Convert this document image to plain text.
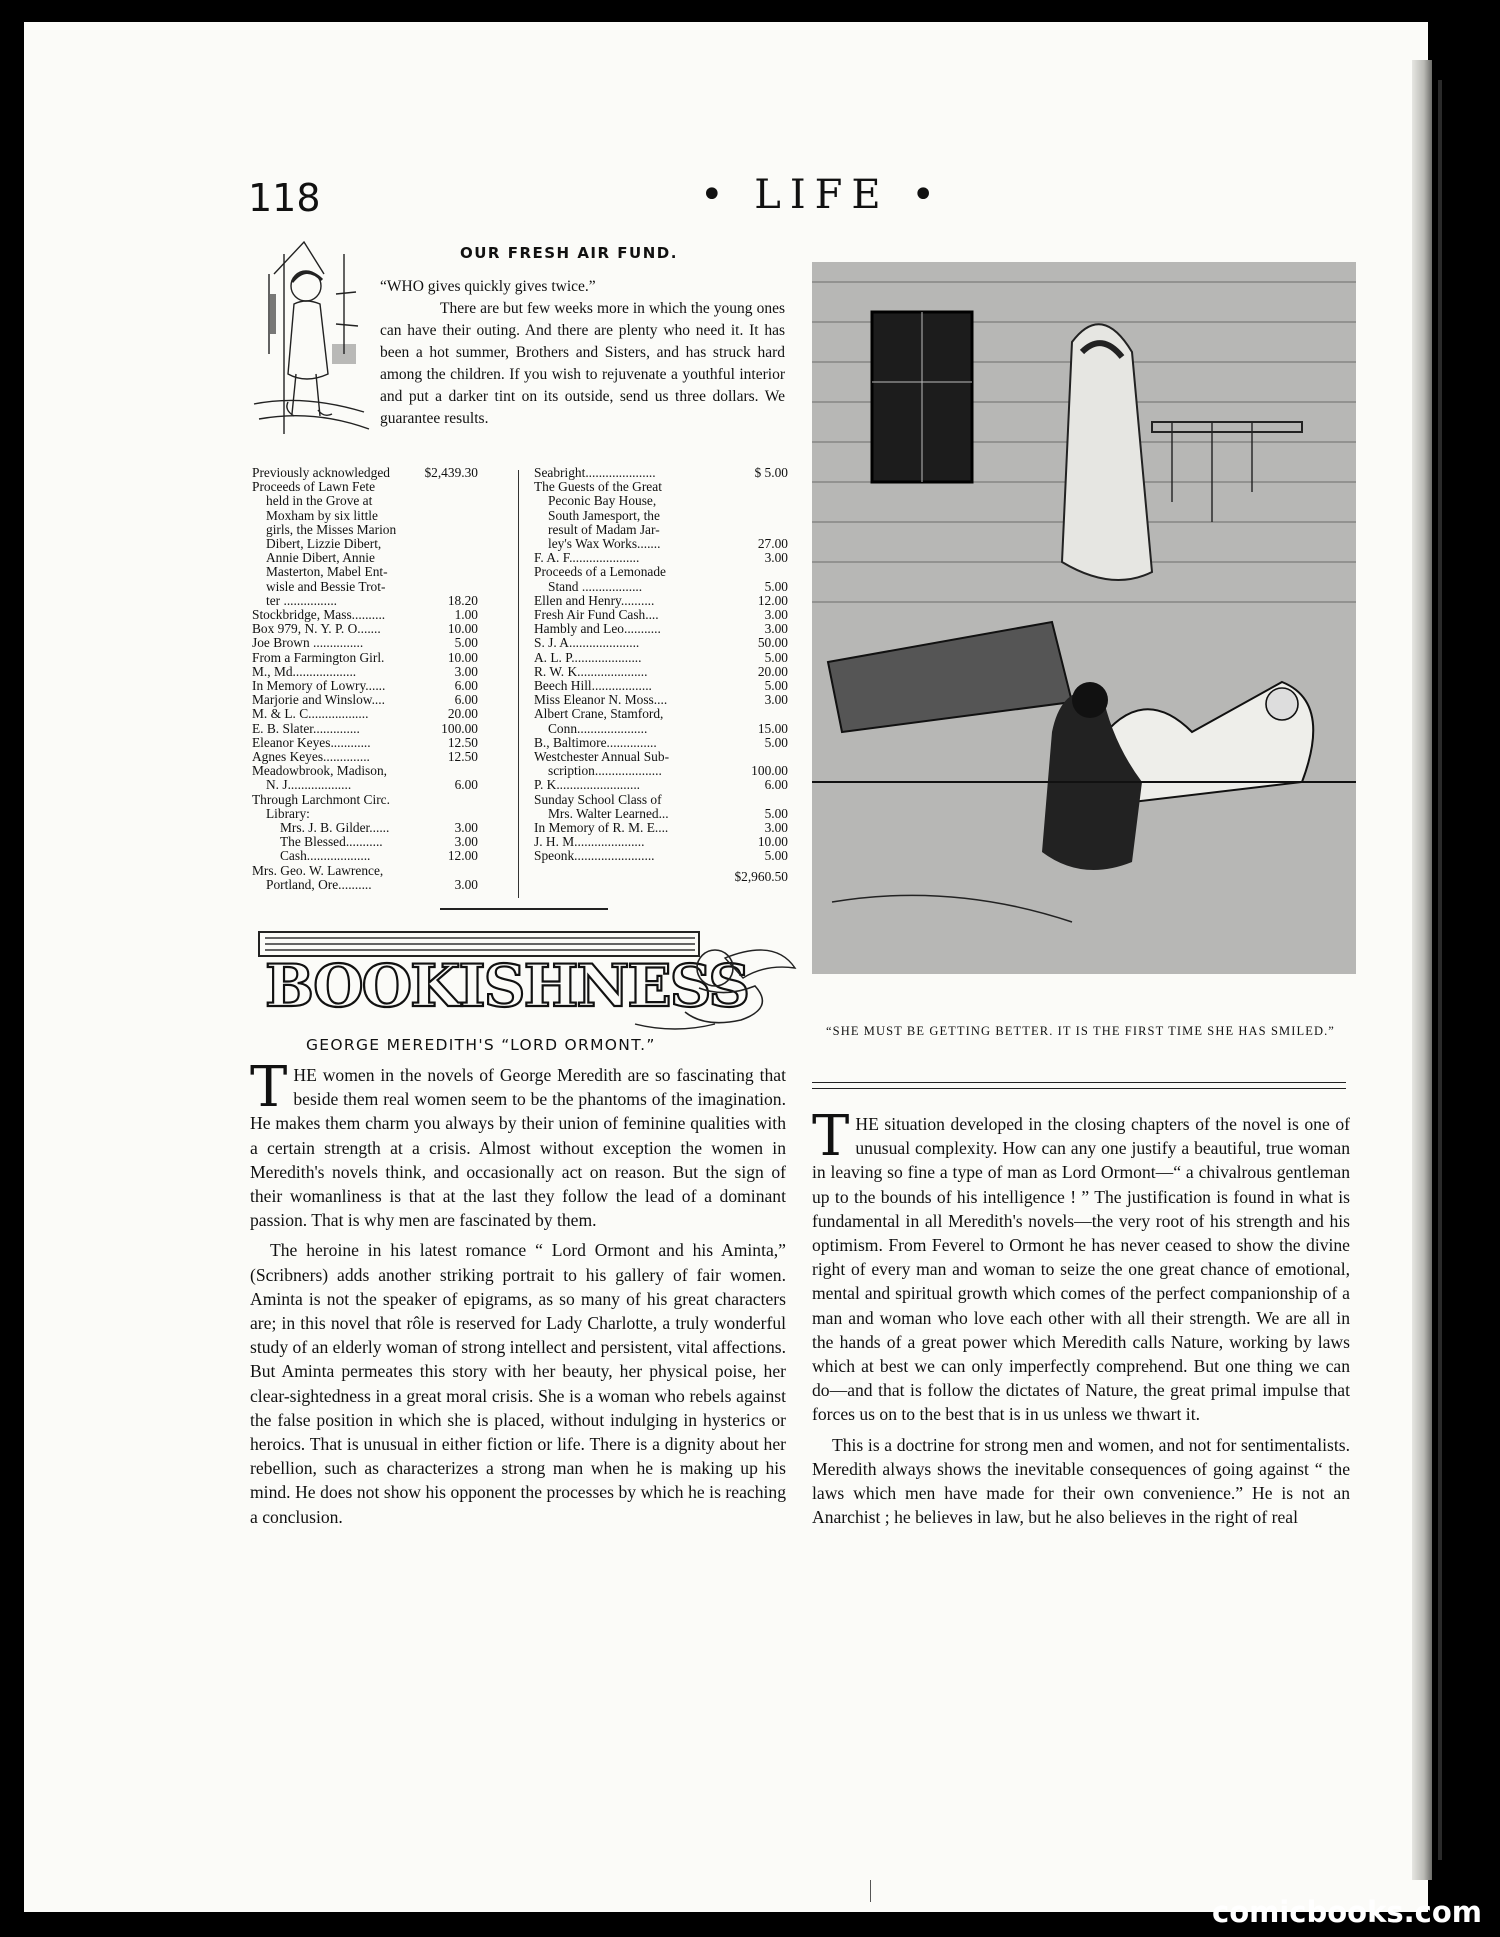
118	• LIFE •
OUR FRESH AIR FUND.
“WHO gives quickly gives twice.”

There are but few weeks more in which the young ones can have their outing. And there are plenty who need it. It has been a hot summer, Brothers and Sisters, and has struck hard among the children. If you wish to rejuvenate a youthful interior and put a darker tint on its outside, send us three dollars. We guarantee results.

Previously acknowledged	$2,439.30
Proceeds of Lawn Fete
held in the Grove at
Moxham by six little
girls, the Misses Marion
Dibert, Lizzie Dibert,
Annie Dibert, Annie
Masterton, Mabel Ent-
wisle and Bessie Trot-
ter ................	18.20
Stockbridge, Mass..........	1.00
Box 979, N. Y. P. O.......	10.00
Joe Brown ...............	5.00
From a Farmington Girl.	10.00
M., Md...................	3.00
In Memory of Lowry......	6.00
Marjorie and Winslow....	6.00
M. & L. C..................	20.00
E. B. Slater..............	100.00
Eleanor Keyes............	12.50
Agnes Keyes..............	12.50
Meadowbrook, Madison,
N. J...................	6.00
Through Larchmont Circ.
Library:
Mrs. J. B. Gilder......	3.00
The Blessed...........	3.00
Cash...................	12.00
Mrs. Geo. W. Lawrence,
Portland, Ore..........	3.00
Seabright.....................	$ 5.00
The Guests of the Great
Peconic Bay House,
South Jamesport, the
result of Madam Jar-
ley's Wax Works.......	27.00
F. A. F.....................	3.00
Proceeds of a Lemonade
Stand ..................	5.00
Ellen and Henry..........	12.00
Fresh Air Fund Cash....	3.00
Hambly and Leo...........	3.00
S. J. A.....................	50.00
A. L. P.....................	5.00
R. W. K.....................	20.00
Beech Hill..................	5.00
Miss Eleanor N. Moss....	3.00
Albert Crane, Stamford,
Conn.....................	15.00
B., Baltimore...............	5.00
Westchester Annual Sub-
scription....................	100.00
P. K.........................	6.00
Sunday School Class of
Mrs. Walter Learned...	5.00
In Memory of R. M. E....	3.00
J. H. M.....................	10.00
Speonk........................	5.00
$2,960.50
BOOKISHNESS
GEORGE MEREDITH'S “LORD ORMONT.”

THE women in the novels of George Meredith are so fascinating that beside them real women seem to be the phantoms of the imagination. He makes them charm you always by their union of feminine qualities with a certain strength at a crisis. Almost without exception the women in Meredith's novels think, and occasionally act on reason. But the sign of their womanliness is that at the last they follow the lead of a dominant passion. That is why men are fascinated by them.

The heroine in his latest romance “ Lord Ormont and his Aminta,” (Scribners) adds another striking portrait to his gallery of fair women. Aminta is not the speaker of epigrams, as so many of his great characters are; in this novel that rôle is reserved for Lady Charlotte, a truly wonderful study of an elderly woman of strong intellect and persistent, vital affections. But Aminta permeates this story with her beauty, her physical poise, her clear-sightedness in a great moral crisis. She is a woman who rebels against the false position in which she is placed, without indulging in hysterics or heroics. That is unusual in either fiction or life. There is a dignity about her rebellion, such as characterizes a strong man when he is making up his mind. He does not show his opponent the processes by which he is reaching a conclusion.

“SHE MUST BE GETTING BETTER. IT IS THE FIRST TIME SHE HAS SMILED.”

THE situation developed in the closing chapters of the novel is one of unusual complexity. How can any one justify a beautiful, true woman in leaving so fine a type of man as Lord Ormont—“ a chivalrous gentleman up to the bounds of his intelligence ! ” The justification is found in what is fundamental in all Meredith's novels—the very root of his strength and his optimism. From Feverel to Ormont he has never ceased to show the divine right of every man and woman to seize the one great chance of emotional, mental and spiritual growth which comes of the perfect companionship of a man and woman who love each other with all their strength. We are all in the hands of a great power which Meredith calls Nature, working by laws which at best we can only imperfectly comprehend. But one thing we can do—and that is follow the dictates of Nature, the great primal impulse that forces us on to the best that is in us unless we thwart it.

This is a doctrine for strong men and women, and not for sentimentalists. Meredith always shows the inevitable consequences of going against “ the laws which men have made for their own convenience.” He is not an Anarchist ; he believes in law, but he also believes in the right of real

comicbooks.com
